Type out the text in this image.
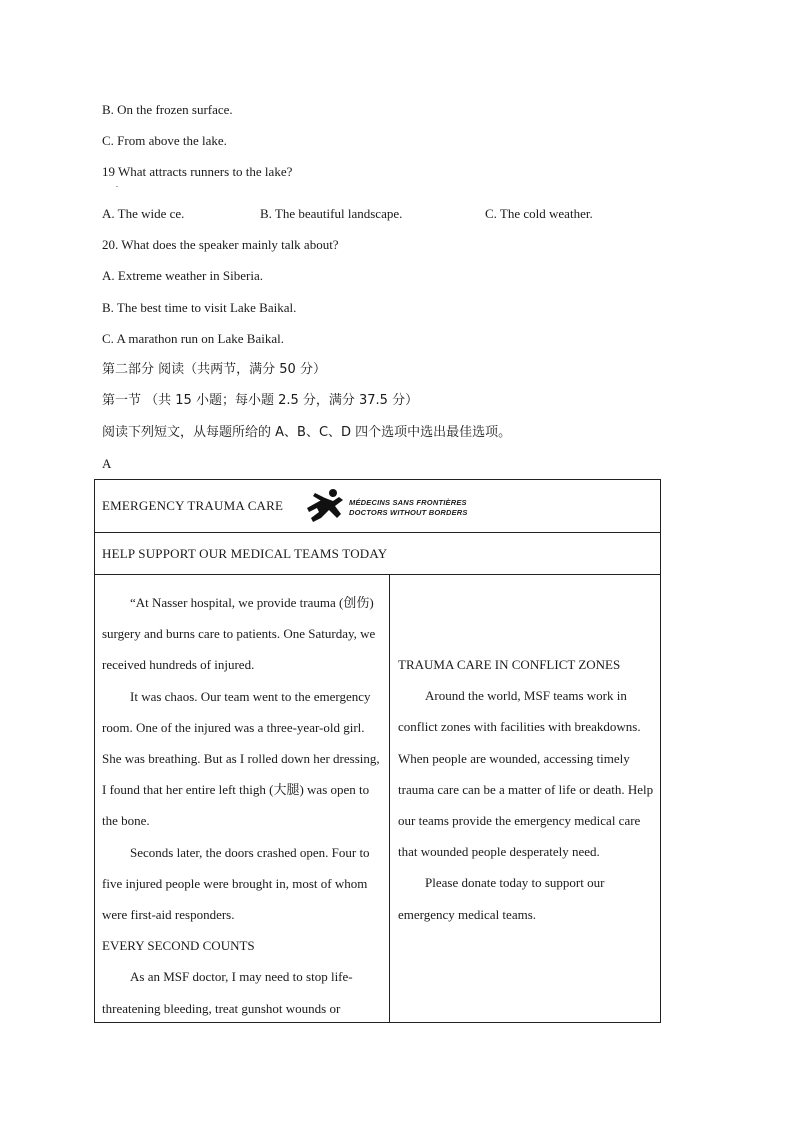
B. On the frozen surface.
C. From above the lake.
19 What attracts runners to the lake?
.
A. The wide ce.	B. The beautiful landscape.	C. The cold weather.
20. What does the speaker mainly talk about?
A. Extreme weather in Siberia.
B. The best time to visit Lake Baikal.
C. A marathon run on Lake Baikal.
第二部分 阅读（共两节，满分 50 分）
第一节 （共 15 小题；每小题 2.5 分，满分 37.5 分）
阅读下列短文，从每题所给的 A、B、C、D 四个选项中选出最佳选项。
A
EMERGENCY TRAUMA CARE	MÉDECINS SANS FRONTIÈRES
DOCTORS WITHOUT BORDERS

HELP SUPPORT OUR MEDICAL TEAMS TODAY

“At Nasser hospital, we provide trauma (创伤) surgery and burns care to patients. One Saturday, we received hundreds of injured.

It was chaos. Our team went to the emergency room. One of the injured was a three-year-old girl. She was breathing. But as I rolled down her dressing, I found that her entire left thigh (大腿) was open to the bone.

Seconds later, the doors crashed open. Four to five injured people were brought in, most of whom were first-aid responders.

EVERY SECOND COUNTS

As an MSF doctor, I may need to stop life-threatening bleeding, treat gunshot wounds or

TRAUMA CARE IN CONFLICT ZONES

Around the world, MSF teams work in conflict zones with facilities with breakdowns. When people are wounded, accessing timely trauma care can be a matter of life or death. Help our teams provide the emergency medical care that wounded people desperately need.

Please donate today to support our emergency medical teams.
